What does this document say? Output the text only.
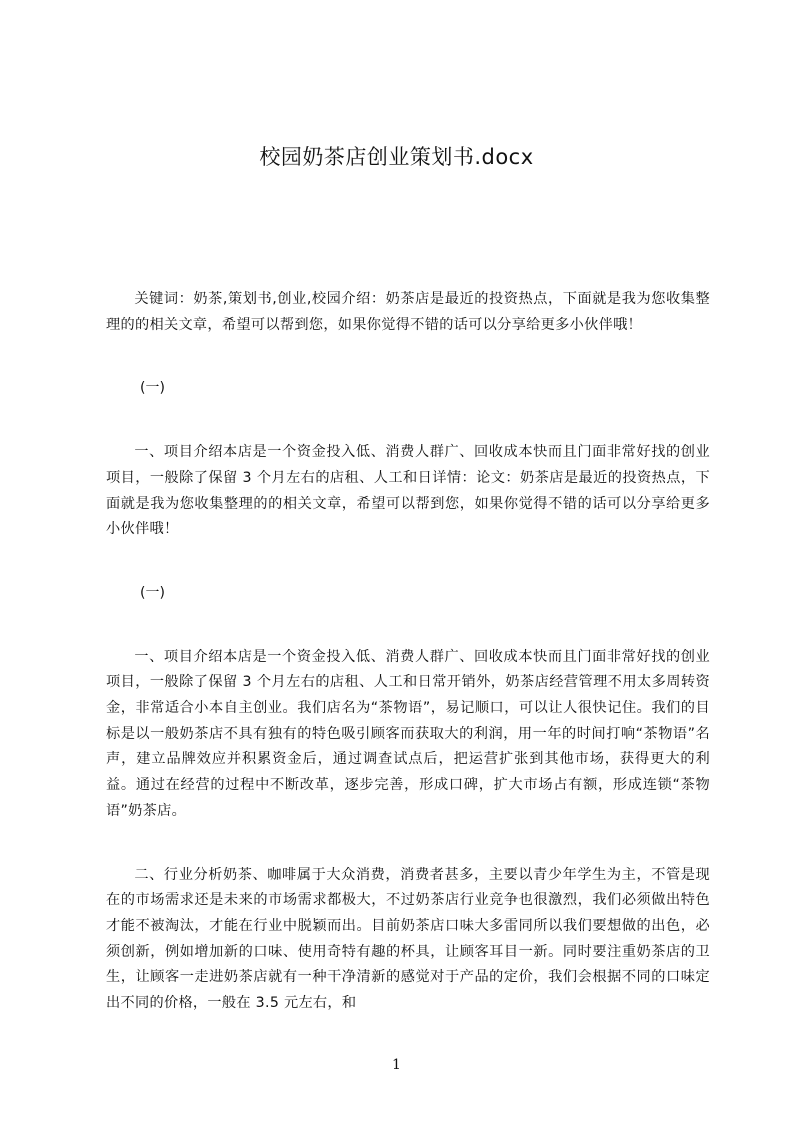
校园奶茶店创业策划书.docx

关键词：奶茶,策划书,创业,校园介绍：奶茶店是最近的投资热点，下面就是我为您收集整理的的相关文章，希望可以帮到您，如果你觉得不错的话可以分享给更多小伙伴哦！

(一)

一、项目介绍本店是一个资金投入低、消费人群广、回收成本快而且门面非常好找的创业项目，一般除了保留 3 个月左右的店租、人工和日详情：论文：奶茶店是最近的投资热点，下面就是我为您收集整理的的相关文章，希望可以帮到您，如果你觉得不错的话可以分享给更多小伙伴哦！

(一)

一、项目介绍本店是一个资金投入低、消费人群广、回收成本快而且门面非常好找的创业项目，一般除了保留 3 个月左右的店租、人工和日常开销外，奶茶店经营管理不用太多周转资金，非常适合小本自主创业。我们店名为“茶物语”，易记顺口，可以让人很快记住。我们的目标是以一般奶茶店不具有独有的特色吸引顾客而获取大的利润，用一年的时间打响“茶物语”名声，建立品牌效应并积累资金后，通过调查试点后，把运营扩张到其他市场，获得更大的利益。通过在经营的过程中不断改革，逐步完善，形成口碑，扩大市场占有额，形成连锁“茶物语”奶茶店。

二、行业分析奶茶、咖啡属于大众消费，消费者甚多，主要以青少年学生为主，不管是现在的市场需求还是未来的市场需求都极大，不过奶茶店行业竞争也很激烈，我们必须做出特色才能不被淘汰，才能在行业中脱颖而出。目前奶茶店口味大多雷同所以我们要想做的出色，必须创新，例如增加新的口味、使用奇特有趣的杯具，让顾客耳目一新。同时要注重奶茶店的卫生，让顾客一走进奶茶店就有一种干净清新的感觉对于产品的定价，我们会根据不同的口味定出不同的价格，一般在 3.5 元左右，和

1
